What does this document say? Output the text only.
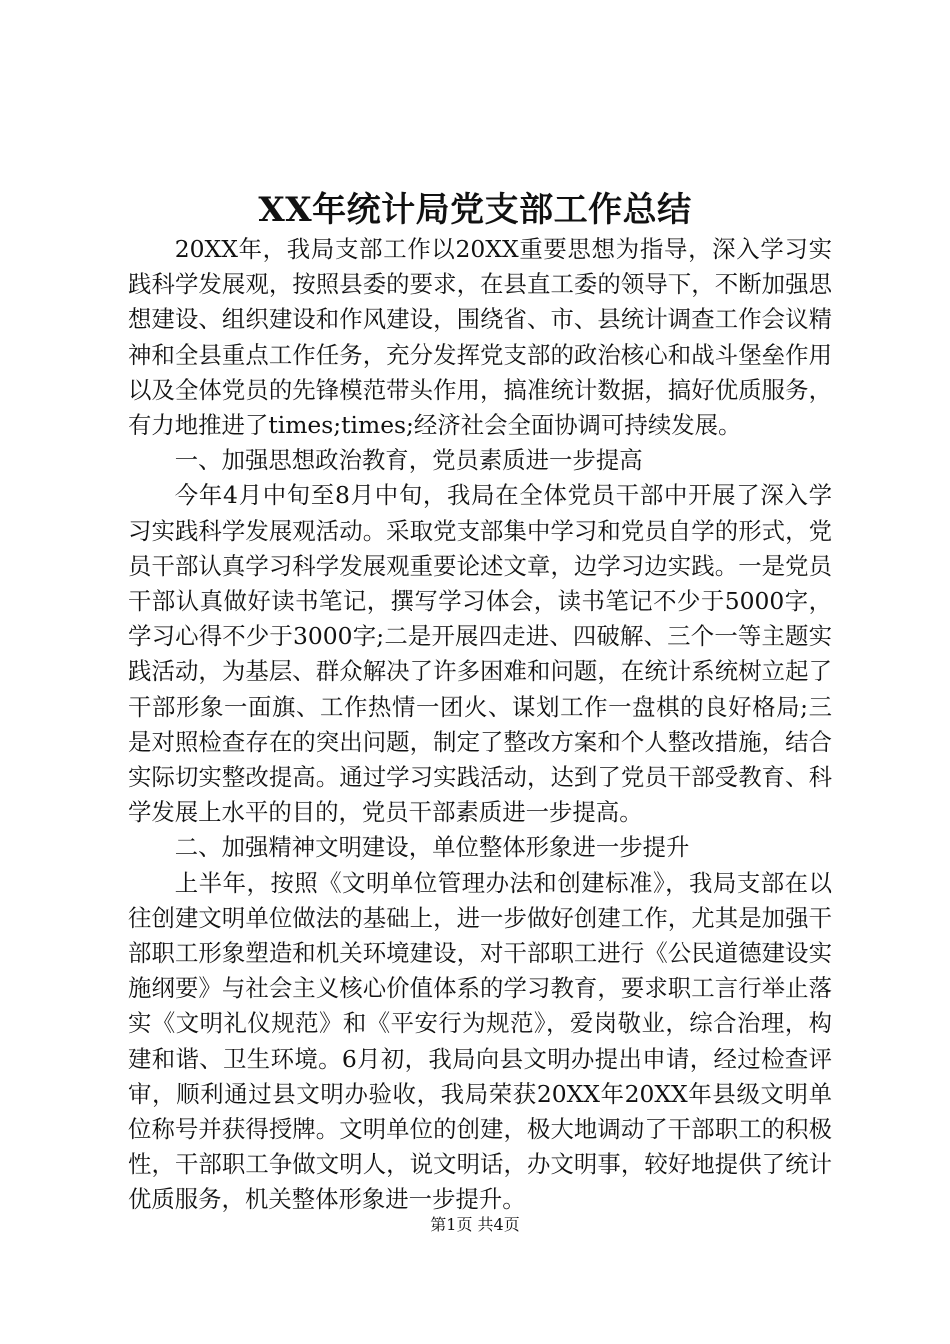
XX年统计局党支部工作总结

20XX年，我局支部工作以20XX重要思想为指导，深入学习实践科学发展观，按照县委的要求，在县直工委的领导下，不断加强思想建设、组织建设和作风建设，围绕省、市、县统计调查工作会议精神和全县重点工作任务，充分发挥党支部的政治核心和战斗堡垒作用以及全体党员的先锋模范带头作用，搞准统计数据，搞好优质服务，有力地推进了times;times;经济社会全面协调可持续发展。

一、加强思想政治教育，党员素质进一步提高

今年4月中旬至8月中旬，我局在全体党员干部中开展了深入学习实践科学发展观活动。采取党支部集中学习和党员自学的形式，党员干部认真学习科学发展观重要论述文章，边学习边实践。一是党员干部认真做好读书笔记，撰写学习体会，读书笔记不少于5000字，学习心得不少于3000字;二是开展四走进、四破解、三个一等主题实践活动，为基层、群众解决了许多困难和问题，在统计系统树立起了干部形象一面旗、工作热情一团火、谋划工作一盘棋的良好格局;三是对照检查存在的突出问题，制定了整改方案和个人整改措施，结合实际切实整改提高。通过学习实践活动，达到了党员干部受教育、科学发展上水平的目的，党员干部素质进一步提高。

二、加强精神文明建设，单位整体形象进一步提升

上半年，按照《文明单位管理办法和创建标准》，我局支部在以往创建文明单位做法的基础上，进一步做好创建工作，尤其是加强干部职工形象塑造和机关环境建设，对干部职工进行《公民道德建设实施纲要》与社会主义核心价值体系的学习教育，要求职工言行举止落实《文明礼仪规范》和《平安行为规范》，爱岗敬业，综合治理，构建和谐、卫生环境。6月初，我局向县文明办提出申请，经过检查评审，顺利通过县文明办验收，我局荣获20XX年20XX年县级文明单位称号并获得授牌。文明单位的创建，极大地调动了干部职工的积极性，干部职工争做文明人，说文明话，办文明事，较好地提供了统计优质服务，机关整体形象进一步提升。

第1页 共4页
